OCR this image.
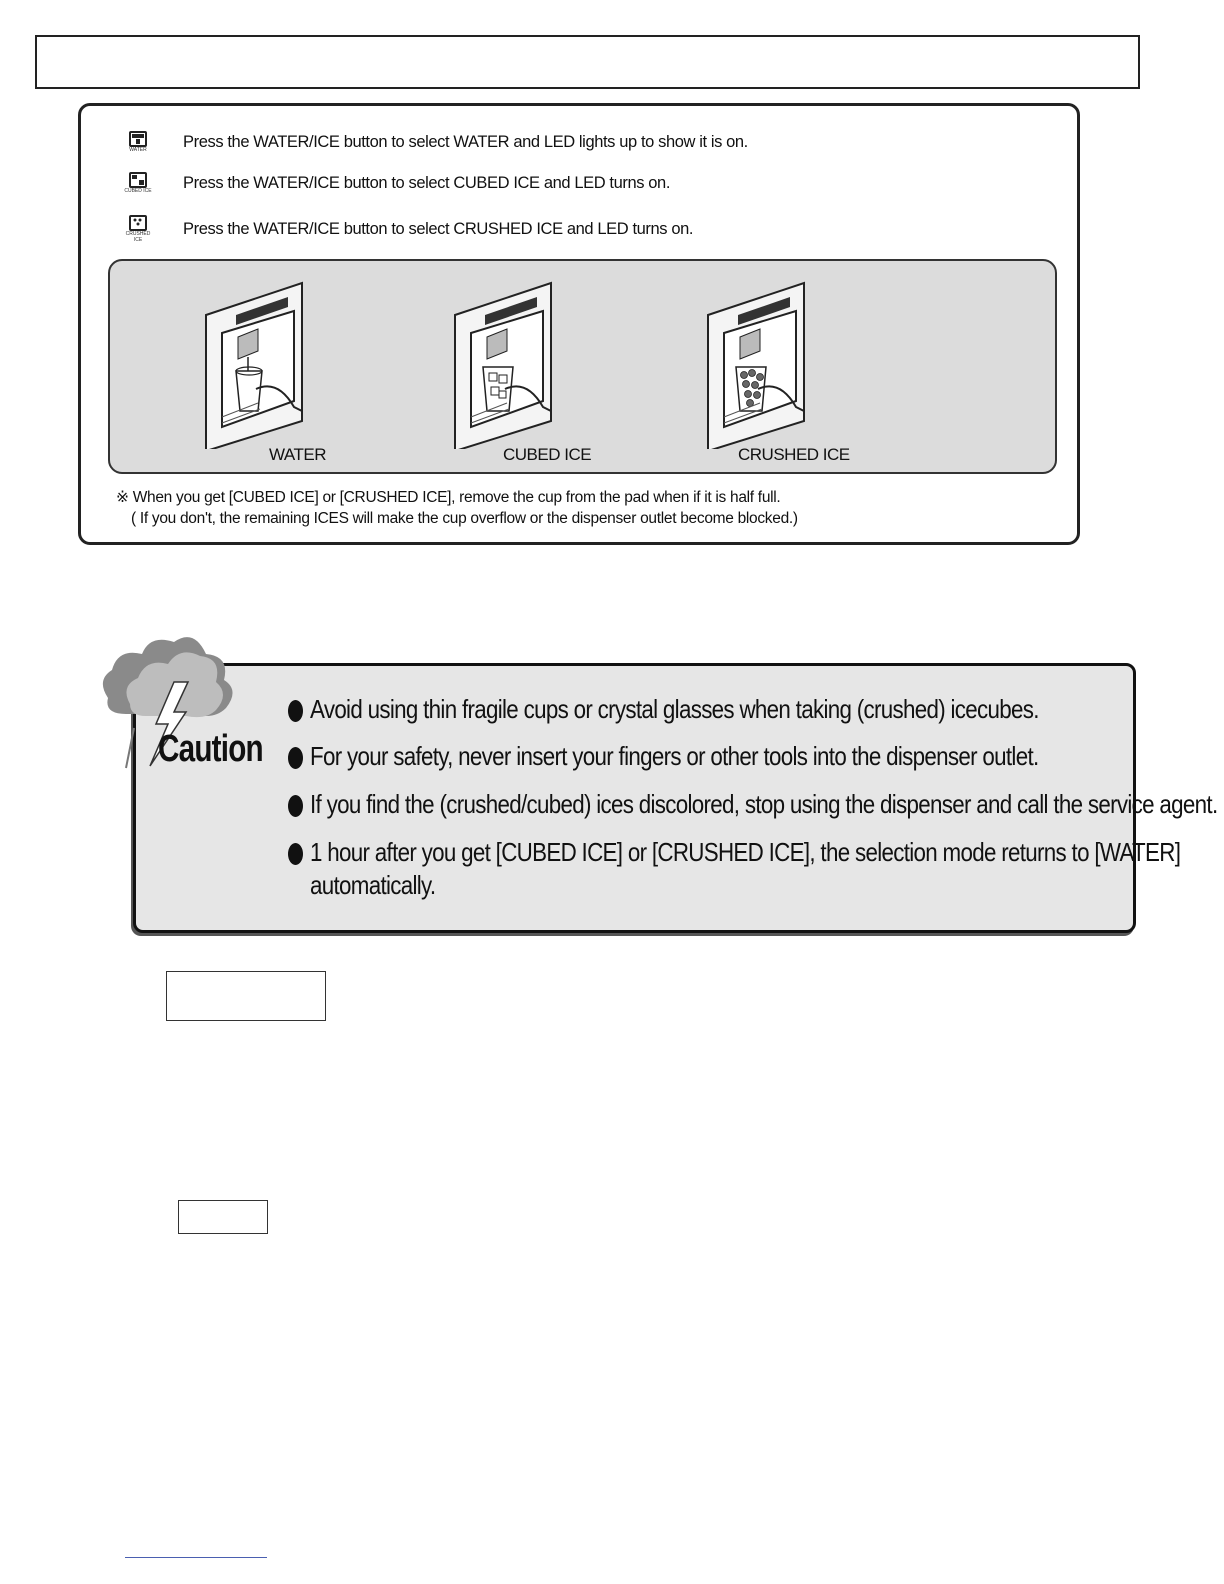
WATER Press the WATER/ICE button to select WATER and LED lights up to show it is on.
CUBED ICE Press the WATER/ICE button to select CUBED ICE and LED turns on.
CRUSHED ICE
Press the WATER/ICE button to select CRUSHED ICE and LED turns on.
WATER	CUBED ICE	CRUSHED ICE
※ When you get [CUBED ICE] or [CRUSHED ICE], remove the cup from the pad when if it is half full.
( If you don't, the remaining ICES will make the cup overflow or the dispenser outlet become blocked.)
Caution
Avoid using thin fragile cups or crystal glasses when taking (crushed) icecubes.
For your safety, never insert your fingers or other tools into the dispenser outlet.
If you find the (crushed/cubed) ices discolored, stop using the dispenser and call the service agent.
1 hour after you get [CUBED ICE] or [CRUSHED ICE], the selection mode returns to [WATER]
automatically.
